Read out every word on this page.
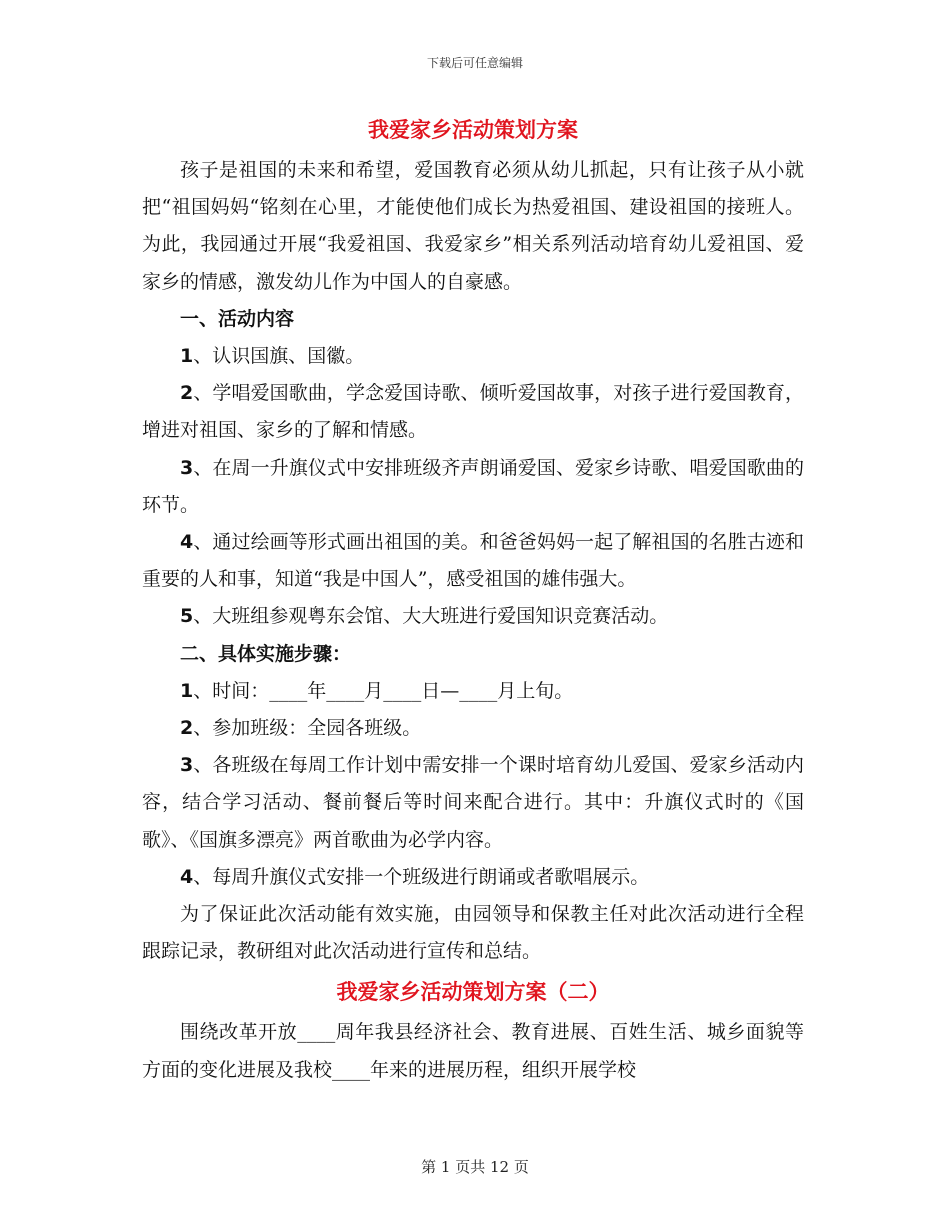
下载后可任意编辑
我爱家乡活动策划方案

孩子是祖国的未来和希望，爱国教育必须从幼儿抓起，只有让孩子从小就把“祖国妈妈“铭刻在心里，才能使他们成长为热爱祖国、建设祖国的接班人。为此，我园通过开展“我爱祖国、我爱家乡”相关系列活动培育幼儿爱祖国、爱家乡的情感，激发幼儿作为中国人的自豪感。

一、活动内容

1、认识国旗、国徽。

2、学唱爱国歌曲，学念爱国诗歌、倾听爱国故事，对孩子进行爱国教育，增进对祖国、家乡的了解和情感。

3、在周一升旗仪式中安排班级齐声朗诵爱国、爱家乡诗歌、唱爱国歌曲的环节。

4、通过绘画等形式画出祖国的美。和爸爸妈妈一起了解祖国的名胜古迹和重要的人和事，知道“我是中国人”，感受祖国的雄伟强大。

5、大班组参观粤东会馆、大大班进行爱国知识竞赛活动。

二、具体实施步骤：

1、时间：____年____月____日—____月上旬。

2、参加班级：全园各班级。

3、各班级在每周工作计划中需安排一个课时培育幼儿爱国、爱家乡活动内容，结合学习活动、餐前餐后等时间来配合进行。其中：升旗仪式时的《国歌》、《国旗多漂亮》两首歌曲为必学内容。

4、每周升旗仪式安排一个班级进行朗诵或者歌唱展示。

为了保证此次活动能有效实施，由园领导和保教主任对此次活动进行全程跟踪记录，教研组对此次活动进行宣传和总结。

我爱家乡活动策划方案（二）

围绕改革开放____周年我县经济社会、教育进展、百姓生活、城乡面貌等方面的变化进展及我校____年来的进展历程，组织开展学校

第 1 页共 12 页
